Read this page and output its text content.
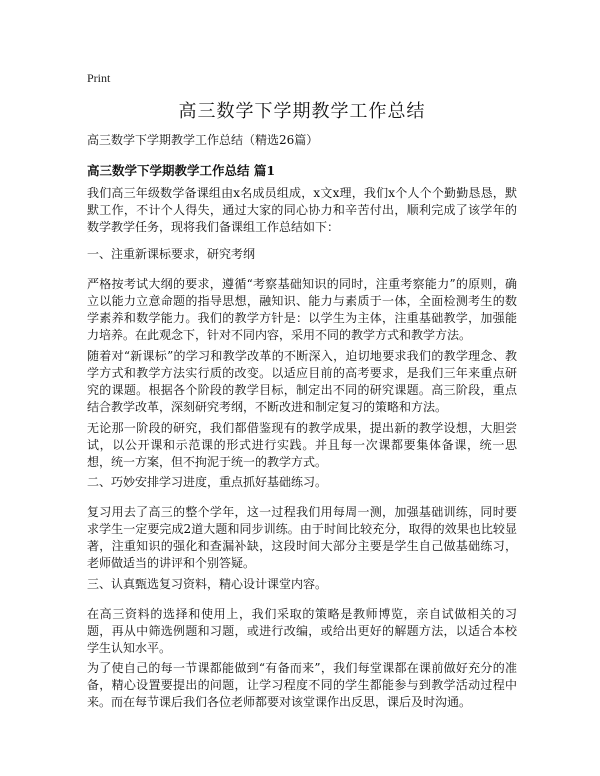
Print
高三数学下学期教学工作总结
高三数学下学期教学工作总结（精选26篇）
高三数学下学期教学工作总结 篇1

我们高三年级数学备课组由x名成员组成，x文x理，我们x个人个个勤勤恳恳，默默工作，不计个人得失，通过大家的同心协力和辛苦付出，顺利完成了该学年的数学教学任务，现将我们备课组工作总结如下：

一、注重新课标要求，研究考纲

严格按考试大纲的要求，遵循“考察基础知识的同时，注重考察能力”的原则，确立以能力立意命题的指导思想，融知识、能力与素质于一体，全面检测考生的数学素养和数学能力。我们的教学方针是：以学生为主体，注重基础教学，加强能力培养。在此观念下，针对不同内容，采用不同的教学方式和教学方法。

随着对“新课标”的学习和教学改革的不断深入，迫切地要求我们的教学理念、教学方式和教学方法实行质的改变。以适应目前的高考要求，是我们三年来重点研究的课题。根据各个阶段的教学目标，制定出不同的研究课题。高三阶段，重点结合教学改革，深刻研究考纲，不断改进和制定复习的策略和方法。

无论那一阶段的研究，我们都借鉴现有的教学成果，提出新的教学设想，大胆尝试，以公开课和示范课的形式进行实践。并且每一次课都要集体备课，统一思想，统一方案，但不拘泥于统一的教学方式。

二、巧妙安排学习进度，重点抓好基础练习。

复习用去了高三的整个学年，这一过程我们用每周一测，加强基础训练，同时要求学生一定要完成2道大题和同步训练。由于时间比较充分，取得的效果也比较显著，注重知识的强化和查漏补缺，这段时间大部分主要是学生自己做基础练习，老师做适当的讲评和个别答疑。

三、认真甄选复习资料，精心设计课堂内容。

在高三资料的选择和使用上，我们采取的策略是教师博览，亲自试做相关的习题，再从中筛选例题和习题，或进行改编，或给出更好的解题方法，以适合本校学生认知水平。

为了使自己的每一节课都能做到“有备而来”，我们每堂课都在课前做好充分的准备，精心设置要提出的问题，让学习程度不同的学生都能参与到教学活动过程中来。而在每节课后我们各位老师都要对该堂课作出反思，课后及时沟通。
